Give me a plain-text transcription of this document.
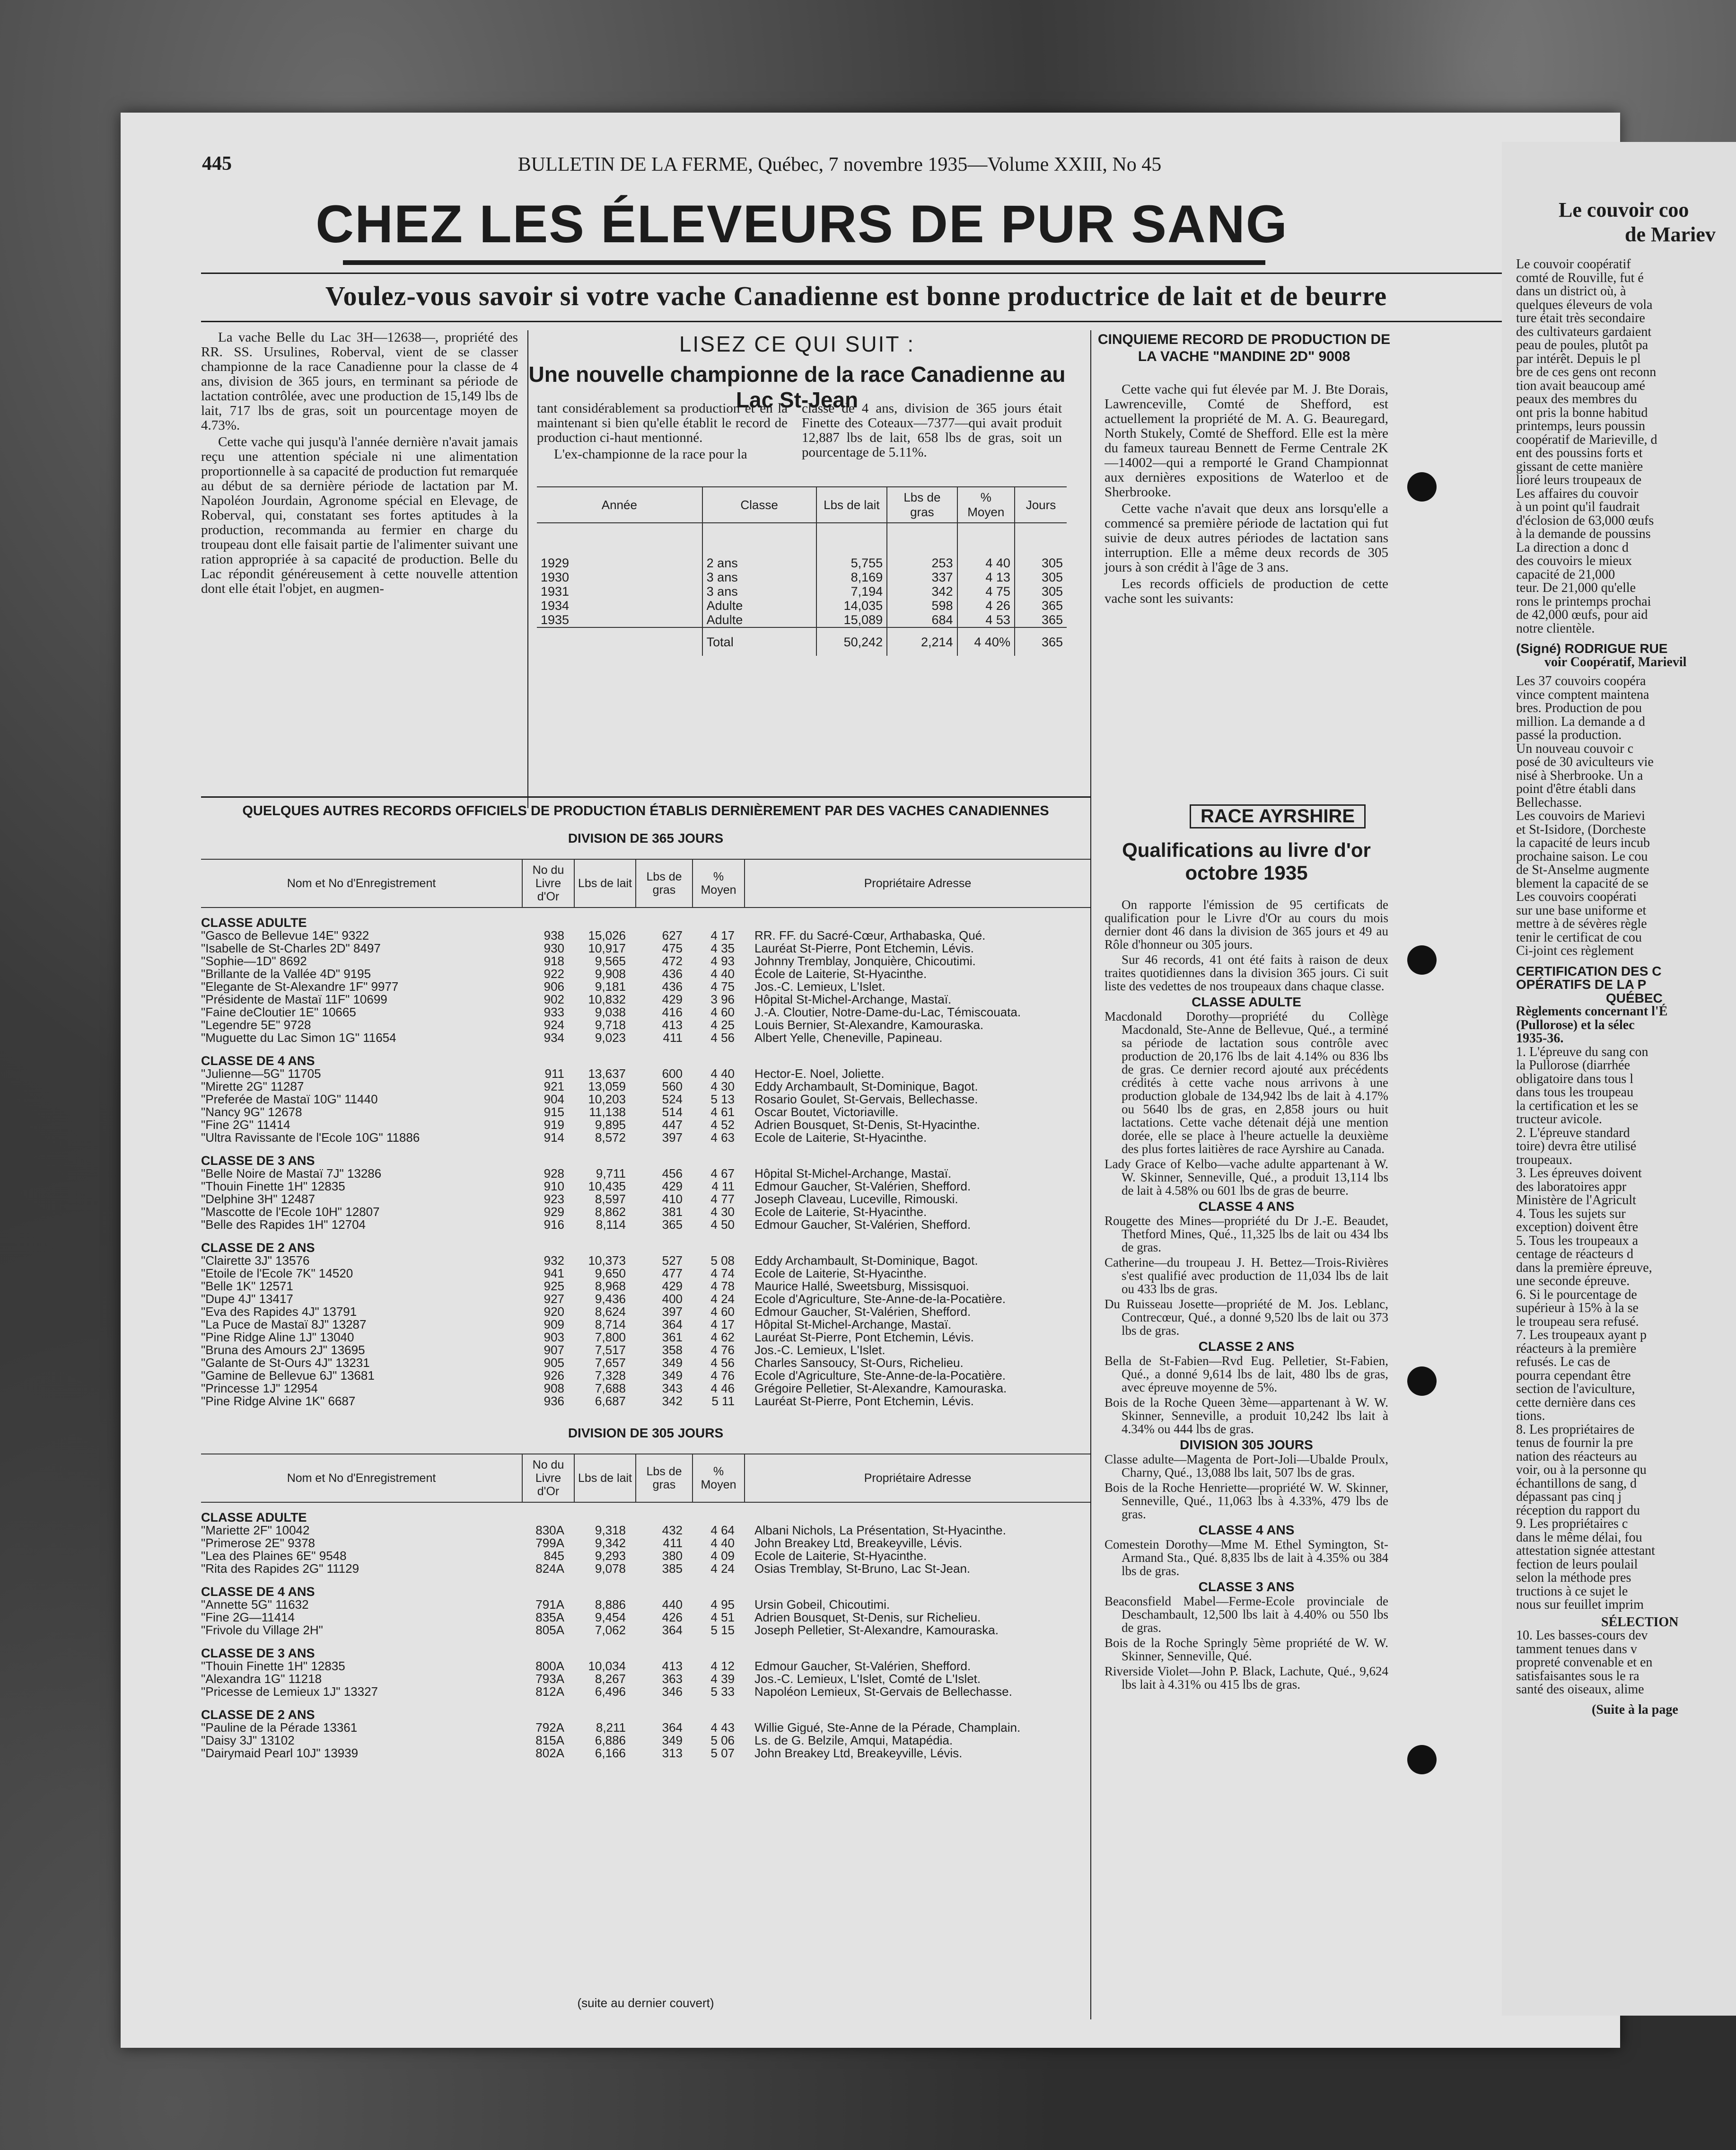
445	BULLETIN DE LA FERME, Québec, 7 novembre 1935—Volume XXIII, No 45
CHEZ LES ÉLEVEURS DE PUR SANG
Voulez-vous savoir si votre vache Canadienne est bonne productrice de lait et de beurre

La vache Belle du Lac 3H—12638—, propriété des RR. SS. Ursulines, Roberval, vient de se classer championne de la race Canadienne pour la classe de 4 ans, division de 365 jours, en terminant sa période de lactation contrôlée, avec une production de 15,149 lbs de lait, 717 lbs de gras, soit un pourcentage moyen de 4.73%.

Cette vache qui jusqu'à l'année dernière n'avait jamais reçu une attention spéciale ni une alimentation proportionnelle à sa capacité de production fut remarquée au début de sa dernière période de lactation par M. Napoléon Jourdain, Agronome spécial en Elevage, de Roberval, qui, constatant ses fortes aptitudes à la production, recommanda au fermier en charge du troupeau dont elle faisait partie de l'alimenter suivant une ration appropriée à sa capacité de production. Belle du Lac répondit généreusement à cette nouvelle attention dont elle était l'objet, en augmen-

LISEZ CE QUI SUIT :
Une nouvelle championne de la race Canadienne au Lac St-Jean

tant considérablement sa production et en la maintenant si bien qu'elle établit le record de production ci-haut mentionné.

L'ex-championne de la race pour la

classe de 4 ans, division de 365 jours était Finette des Coteaux—7377—qui avait produit 12,887 lbs de lait, 658 lbs de gras, soit un pourcentage de 5.11%.

Année	Classe	Lbs de lait	Lbs de gras	% Moyen	Jours

1929	2 ans	5,755	253	4 40	305
1930	3 ans	8,169	337	4 13	305
1931	3 ans	7,194	342	4 75	305
1934	Adulte	14,035	598	4 26	365
1935	Adulte	15,089	684	4 53	365
	Total	50,242	2,214	4 40%	365
CINQUIEME RECORD DE PRODUCTION DE LA VACHE "MANDINE 2D" 9008

Cette vache qui fut élevée par M. J. Bte Dorais, Lawrenceville, Comté de Shefford, est actuellement la propriété de M. A. G. Beauregard, North Stukely, Comté de Shefford. Elle est la mère du fameux taureau Bennett de Ferme Centrale 2K—14002—qui a remporté le Grand Championnat aux dernières expositions de Waterloo et de Sherbrooke.

Cette vache n'avait que deux ans lorsqu'elle a commencé sa première période de lactation qui fut suivie de deux autres périodes de lactation sans interruption. Elle a même deux records de 305 jours à son crédit à l'âge de 3 ans.

Les records officiels de production de cette vache sont les suivants:

QUELQUES AUTRES RECORDS OFFICIELS DE PRODUCTION ÉTABLIS DERNIÈREMENT PAR DES VACHES CANADIENNES
DIVISION DE 365 JOURS
Nom et No d'Enregistrement
No du Livre d'Or
Lbs de lait	Lbs de gras
% Moyen	Propriétaire Adresse
CLASSE ADULTE
"Gasco de Bellevue 14E" 9322	938	15,026	627	4 17	RR. FF. du Sacré-Cœur, Arthabaska, Qué.
"Isabelle de St-Charles 2D" 8497	930	10,917	475	4 35	Lauréat St-Pierre, Pont Etchemin, Lévis.
"Sophie—1D" 8692	918	9,565	472	4 93	Johnny Tremblay, Jonquière, Chicoutimi.
"Brillante de la Vallée 4D" 9195	922	9,908	436	4 40	École de Laiterie, St-Hyacinthe.
"Elegante de St-Alexandre 1F" 9977	906	9,181	436	4 75	Jos.-C. Lemieux, L'Islet.
"Présidente de Mastaï 11F" 10699	902	10,832	429	3 96	Hôpital St-Michel-Archange, Mastaï.
"Faine deCloutier 1E" 10665	933	9,038	416	4 60	J.-A. Cloutier, Notre-Dame-du-Lac, Témiscouata.
"Legendre 5E" 9728	924	9,718	413	4 25	Louis Bernier, St-Alexandre, Kamouraska.
"Muguette du Lac Simon 1G" 11654	934	9,023	411	4 56	Albert Yelle, Cheneville, Papineau.
CLASSE DE 4 ANS
"Julienne—5G" 11705	911	13,637	600	4 40	Hector-E. Noel, Joliette.
"Mirette 2G" 11287	921	13,059	560	4 30	Eddy Archambault, St-Dominique, Bagot.
"Preferée de Mastaï 10G" 11440	904	10,203	524	5 13	Rosario Goulet, St-Gervais, Bellechasse.
"Nancy 9G" 12678	915	11,138	514	4 61	Oscar Boutet, Victoriaville.
"Fine 2G" 11414	919	9,895	447	4 52	Adrien Bousquet, St-Denis, St-Hyacinthe.
"Ultra Ravissante de l'Ecole 10G" 11886	914	8,572	397	4 63	Ecole de Laiterie, St-Hyacinthe.
CLASSE DE 3 ANS
"Belle Noire de Mastaï 7J" 13286	928	9,711	456	4 67	Hôpital St-Michel-Archange, Mastaï.
"Thouin Finette 1H" 12835	910	10,435	429	4 11	Edmour Gaucher, St-Valérien, Shefford.
"Delphine 3H" 12487	923	8,597	410	4 77	Joseph Claveau, Luceville, Rimouski.
"Mascotte de l'Ecole 10H" 12807	929	8,862	381	4 30	Ecole de Laiterie, St-Hyacinthe.
"Belle des Rapides 1H" 12704	916	8,114	365	4 50	Edmour Gaucher, St-Valérien, Shefford.
CLASSE DE 2 ANS
"Clairette 3J" 13576	932	10,373	527	5 08	Eddy Archambault, St-Dominique, Bagot.
"Etoile de l'Ecole 7K" 14520	941	9,650	477	4 74	Ecole de Laiterie, St-Hyacinthe.
"Belle 1K" 12571	925	8,968	429	4 78	Maurice Hallé, Sweetsburg, Missisquoi.
"Dupe 4J" 13417	927	9,436	400	4 24	Ecole d'Agriculture, Ste-Anne-de-la-Pocatière.
"Eva des Rapides 4J" 13791	920	8,624	397	4 60	Edmour Gaucher, St-Valérien, Shefford.
"La Puce de Mastaï 8J" 13287	909	8,714	364	4 17	Hôpital St-Michel-Archange, Mastaï.
"Pine Ridge Aline 1J" 13040	903	7,800	361	4 62	Lauréat St-Pierre, Pont Etchemin, Lévis.
"Bruna des Amours 2J" 13695	907	7,517	358	4 76	Jos.-C. Lemieux, L'Islet.
"Galante de St-Ours 4J" 13231	905	7,657	349	4 56	Charles Sansoucy, St-Ours, Richelieu.
"Gamine de Bellevue 6J" 13681	926	7,328	349	4 76	Ecole d'Agriculture, Ste-Anne-de-la-Pocatière.
"Princesse 1J" 12954	908	7,688	343	4 46	Grégoire Pelletier, St-Alexandre, Kamouraska.
"Pine Ridge Alvine 1K" 6687	936	6,687	342	5 11	Lauréat St-Pierre, Pont Etchemin, Lévis.
DIVISION DE 305 JOURS
Nom et No d'Enregistrement
No du Livre d'Or
Lbs de lait	Lbs de gras
% Moyen	Propriétaire Adresse
CLASSE ADULTE
"Mariette 2F" 10042	830A	9,318	432	4 64	Albani Nichols, La Présentation, St-Hyacinthe.
"Primerose 2E" 9378	799A	9,342	411	4 40	John Breakey Ltd, Breakeyville, Lévis.
"Lea des Plaines 6E" 9548	845	9,293	380	4 09	Ecole de Laiterie, St-Hyacinthe.
"Rita des Rapides 2G" 11129	824A	9,078	385	4 24	Osias Tremblay, St-Bruno, Lac St-Jean.
CLASSE DE 4 ANS
"Annette 5G" 11632	791A	8,886	440	4 95	Ursin Gobeil, Chicoutimi.
"Fine 2G—11414	835A	9,454	426	4 51	Adrien Bousquet, St-Denis, sur Richelieu.
"Frivole du Village 2H"	805A	7,062	364	5 15	Joseph Pelletier, St-Alexandre, Kamouraska.
CLASSE DE 3 ANS
"Thouin Finette 1H" 12835	800A	10,034	413	4 12	Edmour Gaucher, St-Valérien, Shefford.
"Alexandra 1G" 11218	793A	8,267	363	4 39	Jos.-C. Lemieux, L'Islet, Comté de L'Islet.
"Pricesse de Lemieux 1J" 13327	812A	6,496	346	5 33	Napoléon Lemieux, St-Gervais de Bellechasse.
CLASSE DE 2 ANS
"Pauline de la Pérade 13361	792A	8,211	364	4 43	Willie Gigué, Ste-Anne de la Pérade, Champlain.
"Daisy 3J" 13102	815A	6,886	349	5 06	Ls. de G. Belzile, Amqui, Matapédia.
"Dairymaid Pearl 10J" 13939	802A	6,166	313	5 07	John Breakey Ltd, Breakeyville, Lévis.
(suite au dernier couvert)
RACE AYRSHIRE
Qualifications au livre d'or octobre 1935

On rapporte l'émission de 95 certificats de qualification pour le Livre d'Or au cours du mois dernier dont 46 dans la division de 365 jours et 49 au Rôle d'honneur ou 305 jours.

Sur 46 records, 41 ont été faits à raison de deux traites quotidiennes dans la division 365 jours. Ci suit liste des vedettes de nos troupeaux dans chaque classe.

CLASSE ADULTE

Macdonald Dorothy—propriété du Collège Macdonald, Ste-Anne de Bellevue, Qué., a terminé sa période de lactation sous contrôle avec production de 20,176 lbs de lait 4.14% ou 836 lbs de gras. Ce dernier record ajouté aux précédents crédités à cette vache nous arrivons à une production globale de 134,942 lbs de lait à 4.17% ou 5640 lbs de gras, en 2,858 jours ou huit lactations. Cette vache détenait déjà une mention dorée, elle se place à l'heure actuelle la deuxième des plus fortes laitières de race Ayrshire au Canada.

Lady Grace of Kelbo—vache adulte appartenant à W. W. Skinner, Senneville, Qué., a produit 13,114 lbs de lait à 4.58% ou 601 lbs de gras de beurre.

CLASSE 4 ANS

Rougette des Mines—propriété du Dr J.-E. Beaudet, Thetford Mines, Qué., 11,325 lbs de lait ou 434 lbs de gras.

Catherine—du troupeau J. H. Bettez—Trois-Rivières s'est qualifié avec production de 11,034 lbs de lait ou 433 lbs de gras.

Du Ruisseau Josette—propriété de M. Jos. Leblanc, Contrecœur, Qué., a donné 9,520 lbs de lait ou 373 lbs de gras.

CLASSE 2 ANS

Bella de St-Fabien—Rvd Eug. Pelletier, St-Fabien, Qué., a donné 9,614 lbs de lait, 480 lbs de gras, avec épreuve moyenne de 5%.

Bois de la Roche Queen 3ème—appartenant à W. W. Skinner, Senneville, a produit 10,242 lbs lait à 4.34% ou 444 lbs de gras.

DIVISION 305 JOURS

Classe adulte—Magenta de Port-Joli—Ubalde Proulx, Charny, Qué., 13,088 lbs lait, 507 lbs de gras.

Bois de la Roche Henriette—propriété W. W. Skinner, Senneville, Qué., 11,063 lbs à 4.33%, 479 lbs de gras.

CLASSE 4 ANS

Comestein Dorothy—Mme M. Ethel Symington, St-Armand Sta., Qué. 8,835 lbs de lait à 4.35% ou 384 lbs de gras.

CLASSE 3 ANS

Beaconsfield Mabel—Ferme-Ecole provinciale de Deschambault, 12,500 lbs lait à 4.40% ou 550 lbs de gras.

Bois de la Roche Springly 5ème propriété de W. W. Skinner, Senneville, Qué.

Riverside Violet—John P. Black, Lachute, Qué., 9,624 lbs lait à 4.31% ou 415 lbs de gras.

Le couvoir coo
de Mariev
Le couvoir coopératif
comté de Rouville, fut é
dans un district où, à
quelques éleveurs de vola
ture était très secondaire
des cultivateurs gardaient
peau de poules, plutôt pa
par intérêt. Depuis le pl
bre de ces gens ont reconn
tion avait beaucoup amé
peaux des membres du
ont pris la bonne habitud
printemps, leurs poussin
coopératif de Marieville, d
ent des poussins forts et
gissant de cette manière
lioré leurs troupeaux de
Les affaires du couvoir
à un point qu'il faudrait
d'éclosion de 63,000 œufs
à la demande de poussins
La direction a donc d
des couvoirs le mieux
capacité de 21,000
teur. De 21,000 qu'elle
rons le printemps prochai
de 42,000 œufs, pour aid
notre clientèle.
(Signé) RODRIGUE RUE
voir Coopératif, Marievil
Les 37 couvoirs coopéra
vince comptent maintena
bres. Production de pou
million. La demande a d
passé la production.
Un nouveau couvoir c
posé de 30 aviculteurs vie
nisé à Sherbrooke. Un a
point d'être établi dans
Bellechasse.
Les couvoirs de Marievi
et St-Isidore, (Dorcheste
la capacité de leurs incub
prochaine saison. Le cou
de St-Anselme augmente
blement la capacité de se
Les couvoirs coopérati
sur une base uniforme et
mettre à de sévères règle
tenir le certificat de cou
Ci-joint ces règlement
CERTIFICATION DES C
OPÉRATIFS DE LA P
QUÉBEC
Règlements concernant l'É
(Pullorose) et la sélec
1935-36.
1. L'épreuve du sang con
la Pullorose (diarrhée
obligatoire dans tous l
dans tous les troupeau
la certification et les se
tructeur avicole.
2. L'épreuve standard
toire) devra être utilisé
troupeaux.
3. Les épreuves doivent
des laboratoires appr
Ministère de l'Agricult
4. Tous les sujets sur
exception) doivent être
5. Tous les troupeaux a
centage de réacteurs d
dans la première épreuve,
une seconde épreuve.
6. Si le pourcentage de
supérieur à 15% à la se
le troupeau sera refusé.
7. Les troupeaux ayant p
réacteurs à la première
refusés. Le cas de
pourra cependant être
section de l'aviculture,
cette dernière dans ces
tions.
8. Les propriétaires de
tenus de fournir la pre
nation des réacteurs au
voir, ou à la personne qu
échantillons de sang, d
dépassant pas cinq j
réception du rapport du
9. Les propriétaires c
dans le même délai, fou
attestation signée attestant
fection de leurs poulail
selon la méthode pres
tructions à ce sujet le
nous sur feuillet imprim
SÉLECTION
10. Les basses-cours dev
tamment tenues dans v
propreté convenable et en
satisfaisantes sous le ra
santé des oiseaux, alime
(Suite à la page
